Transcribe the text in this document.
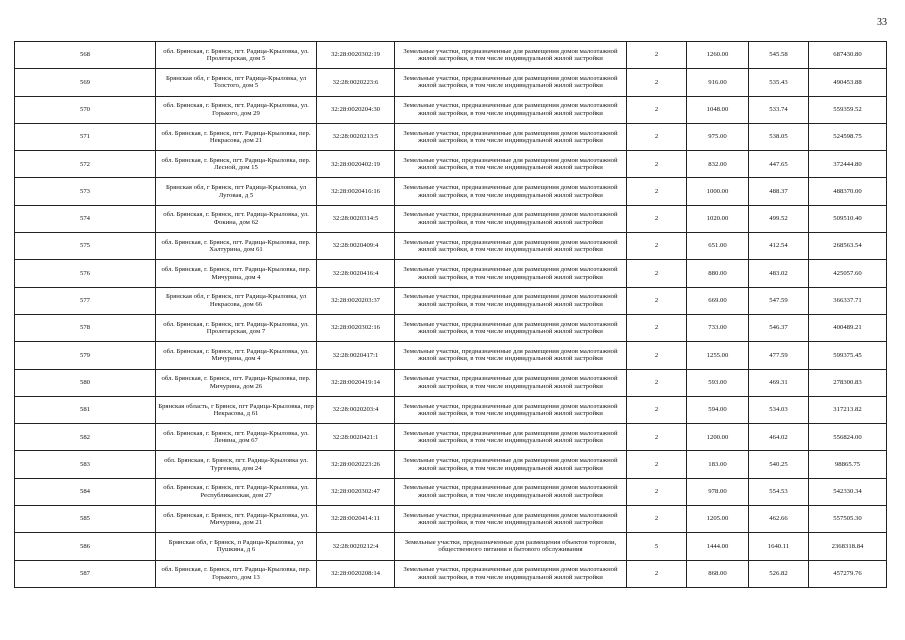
33
568	обл. Брянская, г. Брянск, пгт. Радица-Крыловка, ул. Пролетарская, дом 5	32:28:0020302:19	Земельные участки, предназначенные для размещения домов малоэтажной жилой застройки, в том числе индивидуальной жилой застройки	2	1260.00	545.58	687430.80
569	Брянская обл, г Брянск, пгт Радица-Крыловка, ул Толстого, дом 5	32:28:0020223:6	Земельные участки, предназначенные для размещения домов малоэтажной жилой застройки, в том числе индивидуальной жилой застройки	2	916.00	535.43	490453.88
570	обл. Брянская, г. Брянск, пгт. Радица-Крыловка, ул. Горького, дом 29	32:28:0020204:30	Земельные участки, предназначенные для размещения домов малоэтажной жилой застройки, в том числе индивидуальной жилой застройки	2	1048.00	533.74	559359.52
571	обл. Брянская, г. Брянск, пгт. Радица-Крыловка, пер. Некрасова, дом 21	32:28:0020213:5	Земельные участки, предназначенные для размещения домов малоэтажной жилой застройки, в том числе индивидуальной жилой застройки	2	975.00	538.05	524598.75
572	обл. Брянская, г. Брянск, пгт. Радица-Крыловка, пер. Лесной, дом 15	32:28:0020402:19	Земельные участки, предназначенные для размещения домов малоэтажной жилой застройки, в том числе индивидуальной жилой застройки	2	832.00	447.65	372444.80
573	Брянская обл, г Брянск, пгт Радица-Крыловка, ул Луговая, д 5	32:28:0020416:16	Земельные участки, предназначенные для размещения домов малоэтажной жилой застройки, в том числе индивидуальной жилой застройки	2	1000.00	488.37	488370.00
574	обл. Брянская, г. Брянск, пгт. Радица-Крыловка, ул. Фокина, дом 62	32:28:0020314:5	Земельные участки, предназначенные для размещения домов малоэтажной жилой застройки, в том числе индивидуальной жилой застройки	2	1020.00	499.52	509510.40
575	обл. Брянская, г. Брянск, пгт. Радица-Крыловка, пер. Халтурина, дом 61	32:28:0020409:4	Земельные участки, предназначенные для размещения домов малоэтажной жилой застройки, в том числе индивидуальной жилой застройки	2	651.00	412.54	268563.54
576	обл. Брянская, г. Брянск, пгт. Радица-Крыловка, пер. Мичурина, дом 4	32:28:0020416:4	Земельные участки, предназначенные для размещения домов малоэтажной жилой застройки, в том числе индивидуальной жилой застройки	2	880.00	483.02	425057.60
577	Брянская обл, г Брянск, пгт Радица-Крыловка, ул Некрасова, дом 66	32:28:0020203:37	Земельные участки, предназначенные для размещения домов малоэтажной жилой застройки, в том числе индивидуальной жилой застройки	2	669.00	547.59	366337.71
578	обл. Брянская, г. Брянск, пгт. Радица-Крыловка, ул. Пролетарская, дом 7	32:28:0020302:16	Земельные участки, предназначенные для размещения домов малоэтажной жилой застройки, в том числе индивидуальной жилой застройки	2	733.00	546.37	400489.21
579	обл. Брянская, г. Брянск, пгт. Радица-Крыловка, ул. Мичурина, дом 4	32:28:0020417:1	Земельные участки, предназначенные для размещения домов малоэтажной жилой застройки, в том числе индивидуальной жилой застройки	2	1255.00	477.59	599375.45
580	обл. Брянская, г. Брянск, пгт. Радица-Крыловка, пер. Мичурина, дом 26	32:28:0020419:14	Земельные участки, предназначенные для размещения домов малоэтажной жилой застройки, в том числе индивидуальной жилой застройки	2	593.00	469.31	278300.83
581	Брянская область, г Брянск, пгт Радица-Крыловка, пер Некрасова, д 61	32:28:0020203:4	Земельные участки, предназначенные для размещения домов малоэтажной жилой застройки, в том числе индивидуальной жилой застройки	2	594.00	534.03	317213.82
582	обл. Брянская, г. Брянск, пгт. Радица-Крыловка, ул. Ленина, дом 67	32:28:0020421:1	Земельные участки, предназначенные для размещения домов малоэтажной жилой застройки, в том числе индивидуальной жилой застройки	2	1200.00	464.02	556824.00
583	обл. Брянская, г. Брянск, пгт. Радица-Крыловка ул. Тургенева, дом 24	32:28:0020223:26	Земельные участки, предназначенные для размещения домов малоэтажной жилой застройки, в том числе индивидуальной жилой застройки	2	183.00	540.25	98865.75
584	обл. Брянская, г. Брянск, пгт. Радица-Крыловка, ул. Республиканская, дом 27	32:28:0020302:47	Земельные участки, предназначенные для размещения домов малоэтажной жилой застройки, в том числе индивидуальной жилой застройки	2	978.00	554.53	542330.34
585	обл. Брянская, г. Брянск, пгт. Радица-Крыловка, ул. Мичурина, дом 21	32:28:0020414:11	Земельные участки, предназначенные для размещения домов малоэтажной жилой застройки, в том числе индивидуальной жилой застройки	2	1205.00	462.66	557505.30
586	Брянская обл, г Брянск, п Радица-Крыловка, ул Пушкина, д 6	32:28:0020212:4	Земельные участки, предназначенные для размещения объектов торговли, общественного питания и бытового обслуживания	5	1444.00	1640.11	2368318.84
587	обл. Брянская, г. Брянск, пгт. Радица-Крыловка, пер. Горького, дом 13	32:28:0020208:14	Земельные участки, предназначенные для размещения домов малоэтажной жилой застройки, в том числе индивидуальной жилой застройки	2	868.00	526.82	457279.76
